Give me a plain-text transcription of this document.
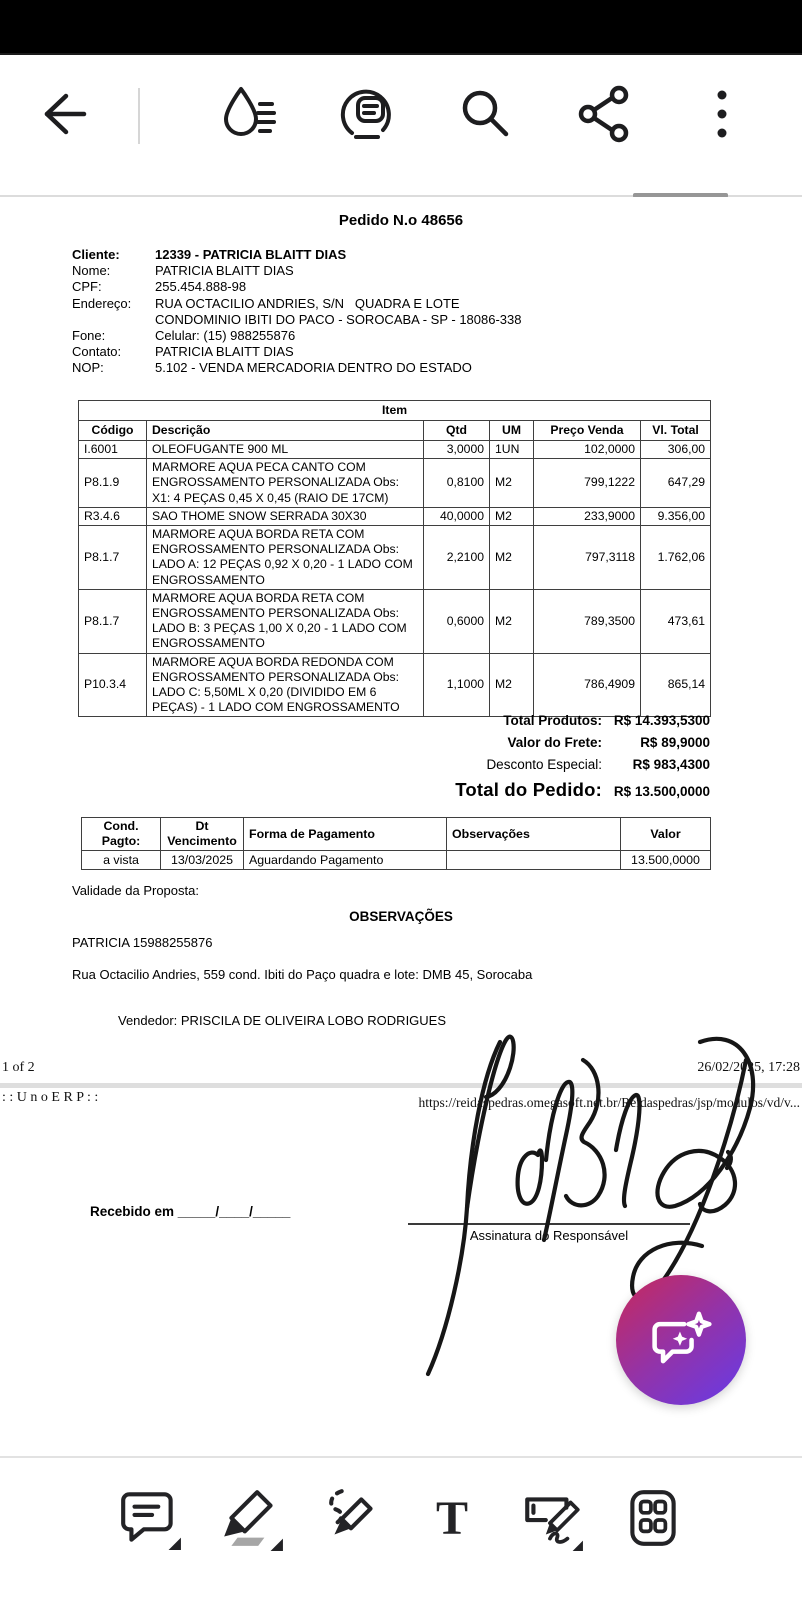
Pedido N.o 48656
Cliente:	12339 - PATRICIA BLAITT DIAS
Nome:	PATRICIA BLAITT DIAS
CPF:	255.454.888-98
Endereço:	RUA OCTACILIO ANDRIES, S/N   QUADRA E LOTE
CONDOMINIO IBITI DO PACO - SOROCABA - SP - 18086-338
Fone:	Celular: (15) 988255876
Contato:	PATRICIA BLAITT DIAS
NOP:	5.102 - VENDA MERCADORIA DENTRO DO ESTADO
Item					
Código	Descrição	Qtd	UM	Preço Venda	Vl. Total
I.6001	OLEOFUGANTE 900 ML	3,0000	1UN	102,0000	306,00
P8.1.9	MARMORE AQUA PECA CANTO COM ENGROSSAMENTO PERSONALIZADA Obs: X1: 4 PEÇAS 0,45 X 0,45 (RAIO DE 17CM)	0,8100	M2	799,1222	647,29
R3.4.6	SAO THOME SNOW SERRADA 30X30	40,0000	M2	233,9000	9.356,00
P8.1.7	MARMORE AQUA BORDA RETA COM ENGROSSAMENTO PERSONALIZADA Obs: LADO A: 12 PEÇAS 0,92 X 0,20 - 1 LADO COM ENGROSSAMENTO	2,2100	M2	797,3118	1.762,06
P8.1.7	MARMORE AQUA BORDA RETA COM ENGROSSAMENTO PERSONALIZADA Obs: LADO B: 3 PEÇAS 1,00 X 0,20 - 1 LADO COM ENGROSSAMENTO	0,6000	M2	789,3500	473,61
P10.3.4	MARMORE AQUA BORDA REDONDA COM ENGROSSAMENTO PERSONALIZADA Obs: LADO C: 5,50ML X 0,20 (DIVIDIDO EM 6 PEÇAS) - 1 LADO COM ENGROSSAMENTO	1,1000	M2	786,4909	865,14
Total Produtos: R$ 14.393,5300
Valor do Frete:	R$ 89,9000
Desconto Especial:	R$ 983,4300
Total do Pedido: R$ 13.500,0000
Cond. Pagto:	Dt Vencimento	Forma de Pagamento	Observações	Valor
a vista	13/03/2025	Aguardando Pagamento		13.500,0000
Validade da Proposta:
OBSERVAÇÕES
PATRICIA 15988255876
Rua Octacilio Andries, 559 cond. Ibiti do Paço quadra e lote: DMB 45, Sorocaba
Vendedor: PRISCILA DE OLIVEIRA LOBO RODRIGUES
1 of 2	26/02/2025, 17:28
: : U n o E R P : :	https://reidaspedras.omegasoft.net.br/Reidaspedras/jsp/modulos/vd/v...
Recebido em _____/____/_____
Assinatura do Responsável
T
